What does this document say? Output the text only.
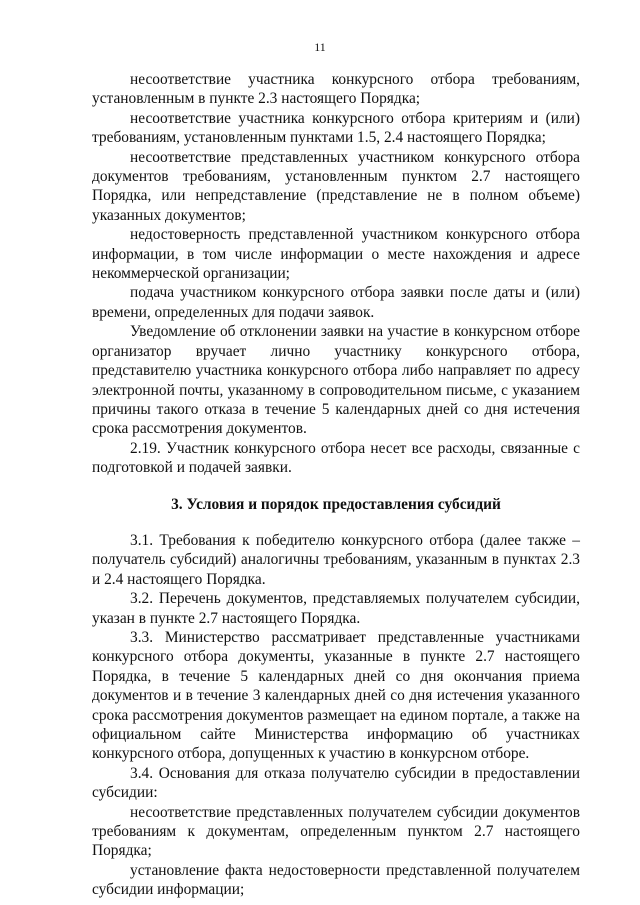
11

несоответствие участника конкурсного отбора требованиям, установленным в пункте 2.3 настоящего Порядка;

несоответствие участника конкурсного отбора критериям и (или) требованиям, установленным пунктами 1.5, 2.4 настоящего Порядка;

несоответствие представленных участником конкурсного отбора документов требованиям, установленным пунктом 2.7 настоящего Порядка, или непредставление (представление не в полном объеме) указанных документов;

недостоверность представленной участником конкурсного отбора информации, в том числе информации о месте нахождения и адресе некоммерческой организации;

подача участником конкурсного отбора заявки после даты и (или) времени, определенных для подачи заявок.

Уведомление об отклонении заявки на участие в конкурсном отборе организатор вручает лично участнику конкурсного отбора, представителю участника конкурсного отбора либо направляет по адресу электронной почты, указанному в сопроводительном письме, с указанием причины такого отказа в течение 5 календарных дней со дня истечения срока рассмотрения документов.

2.19. Участник конкурсного отбора несет все расходы, связанные с подготовкой и подачей заявки.

3. Условия и порядок предоставления субсидий

3.1. Требования к победителю конкурсного отбора (далее также – получатель субсидий) аналогичны требованиям, указанным в пунктах 2.3 и 2.4 настоящего Порядка.

3.2. Перечень документов, представляемых получателем субсидии, указан в пункте 2.7 настоящего Порядка.

3.3. Министерство рассматривает представленные участниками конкурсного отбора документы, указанные в пункте 2.7 настоящего Порядка, в течение 5 календарных дней со дня окончания приема документов и в течение 3 календарных дней со дня истечения указанного срока рассмотрения документов размещает на едином портале, а также на официальном сайте Министерства информацию об участниках конкурсного отбора, допущенных к участию в конкурсном отборе.

3.4. Основания для отказа получателю субсидии в предоставлении субсидии:

несоответствие представленных получателем субсидии документов требованиям к документам, определенным пунктом 2.7 настоящего Порядка;

установление факта недостоверности представленной получателем субсидии информации;
